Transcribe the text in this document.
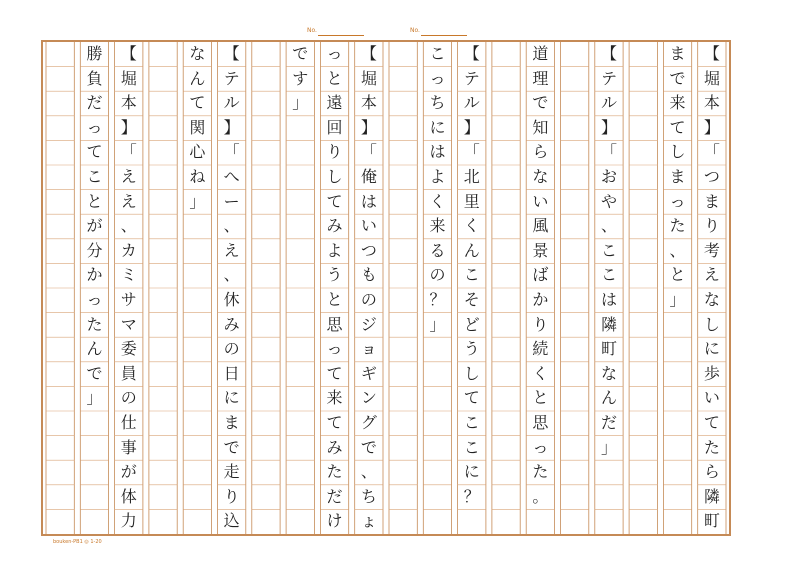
No.	No.
【
堀
本
】
「
つ
ま
り
考
え
な
し
に
歩
い
て
た
ら
隣
町
ま
で
来
て
し
ま
っ
た
、
と
」
【
テ
ル
】
「
お
や
、
こ
こ
は
隣
町
な
ん
だ
」
道
理
で
知
ら
な
い
風
景
ば
か
り
続
く
と
思
っ
た
。
【
テ
ル
】
「
北
里
く
ん
こ
そ
ど
う
し
て
こ
こ
に
？
こ
っ
ち
に
は
よ
く
来
る
の
？
」
【
堀
本
】
「
俺
は
い
つ
も
の
ジ
ョ
ギ
ン
グ
で
、
ち
ょ
っ
と
遠
回
り
し
て
み
よ
う
と
思
っ
て
来
て
み
た
だ
け
で
す
」
【
テ
ル
】
「
へ
ー
、
え
、
休
み
の
日
に
ま
で
走
り
込
な
ん
て
関
心
ね
」
【
堀
本
】
「
え
え
、
カ
ミ
サ
マ
委
員
の
仕
事
が
体
力
勝
負
だ
っ
て
こ
と
が
分
か
っ
た
ん
で
」
bouken-PB1 ◎ 1-20
